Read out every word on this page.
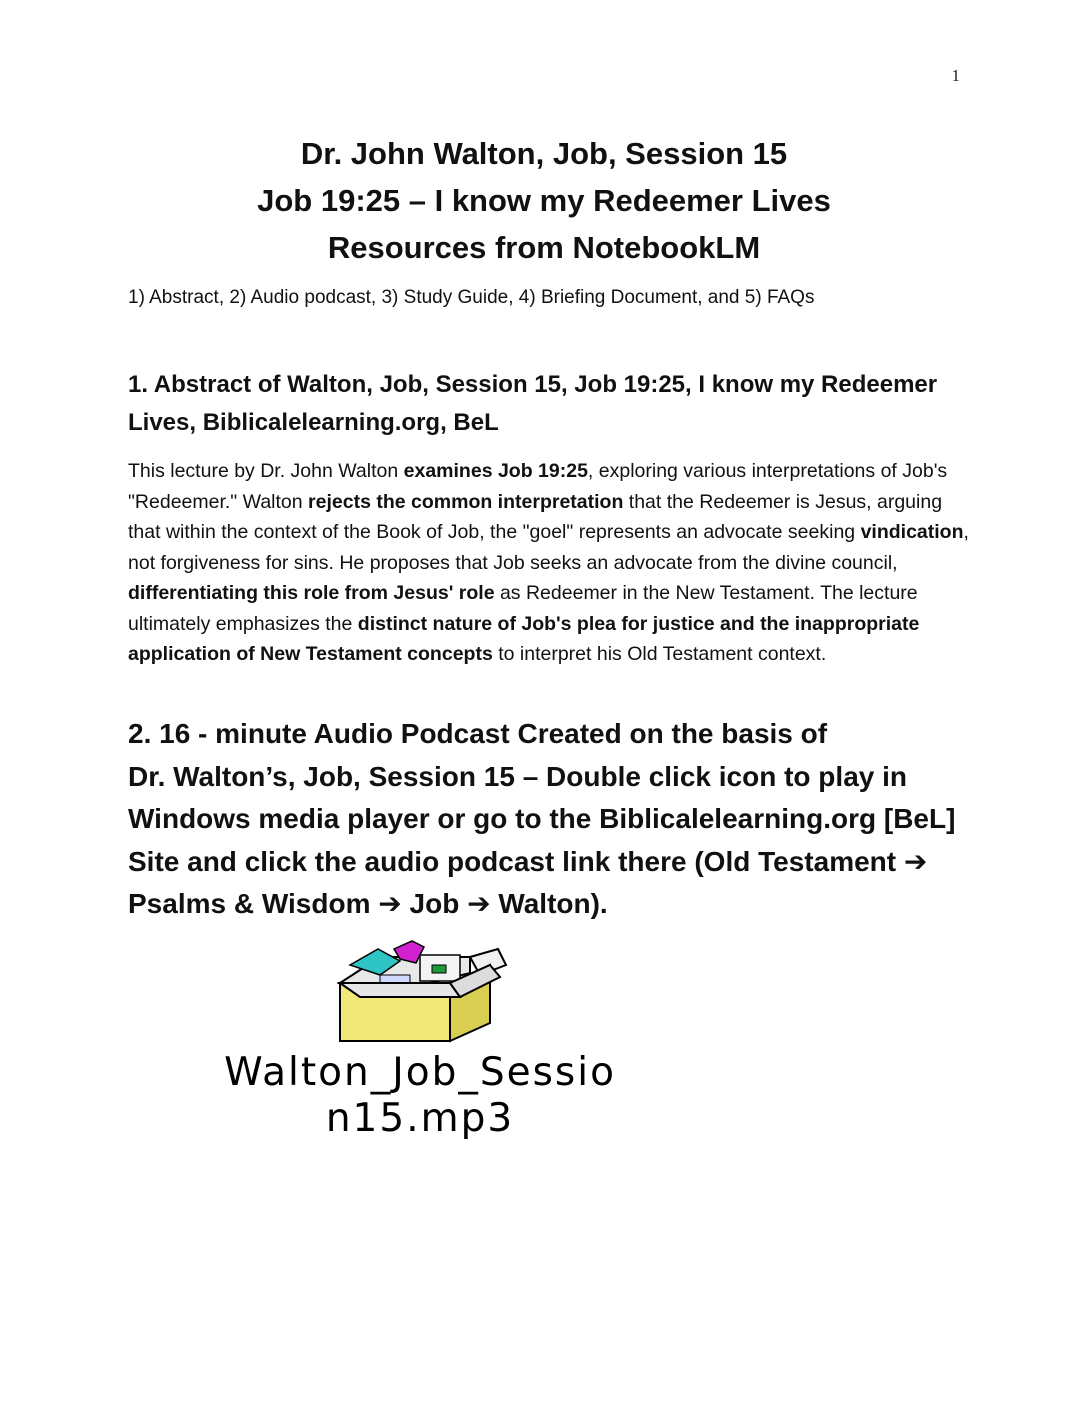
1
Dr. John Walton, Job, Session 15
Job 19:25 – I know my Redeemer Lives
Resources from NotebookLM
1) Abstract, 2) Audio podcast, 3) Study Guide, 4) Briefing Document, and 5) FAQs
1. Abstract of Walton, Job, Session 15, Job 19:25, I know my Redeemer Lives, Biblicalelearning.org, BeL
This lecture by Dr. John Walton examines Job 19:25, exploring various interpretations of Job's "Redeemer." Walton rejects the common interpretation that the Redeemer is Jesus, arguing that within the context of the Book of Job, the "goel" represents an advocate seeking vindication, not forgiveness for sins. He proposes that Job seeks an advocate from the divine council, differentiating this role from Jesus' role as Redeemer in the New Testament. The lecture ultimately emphasizes the distinct nature of Job's plea for justice and the inappropriate application of New Testament concepts to interpret his Old Testament context.
2. 16 - minute Audio Podcast Created on the basis of
Dr. Walton’s, Job, Session 15 – Double click icon to play in Windows media player or go to the Biblicalelearning.org [BeL] Site and click the audio podcast link there (Old Testament ➔ Psalms & Wisdom ➔ Job ➔ Walton).
Walton_Job_Sessio
n15.mp3
